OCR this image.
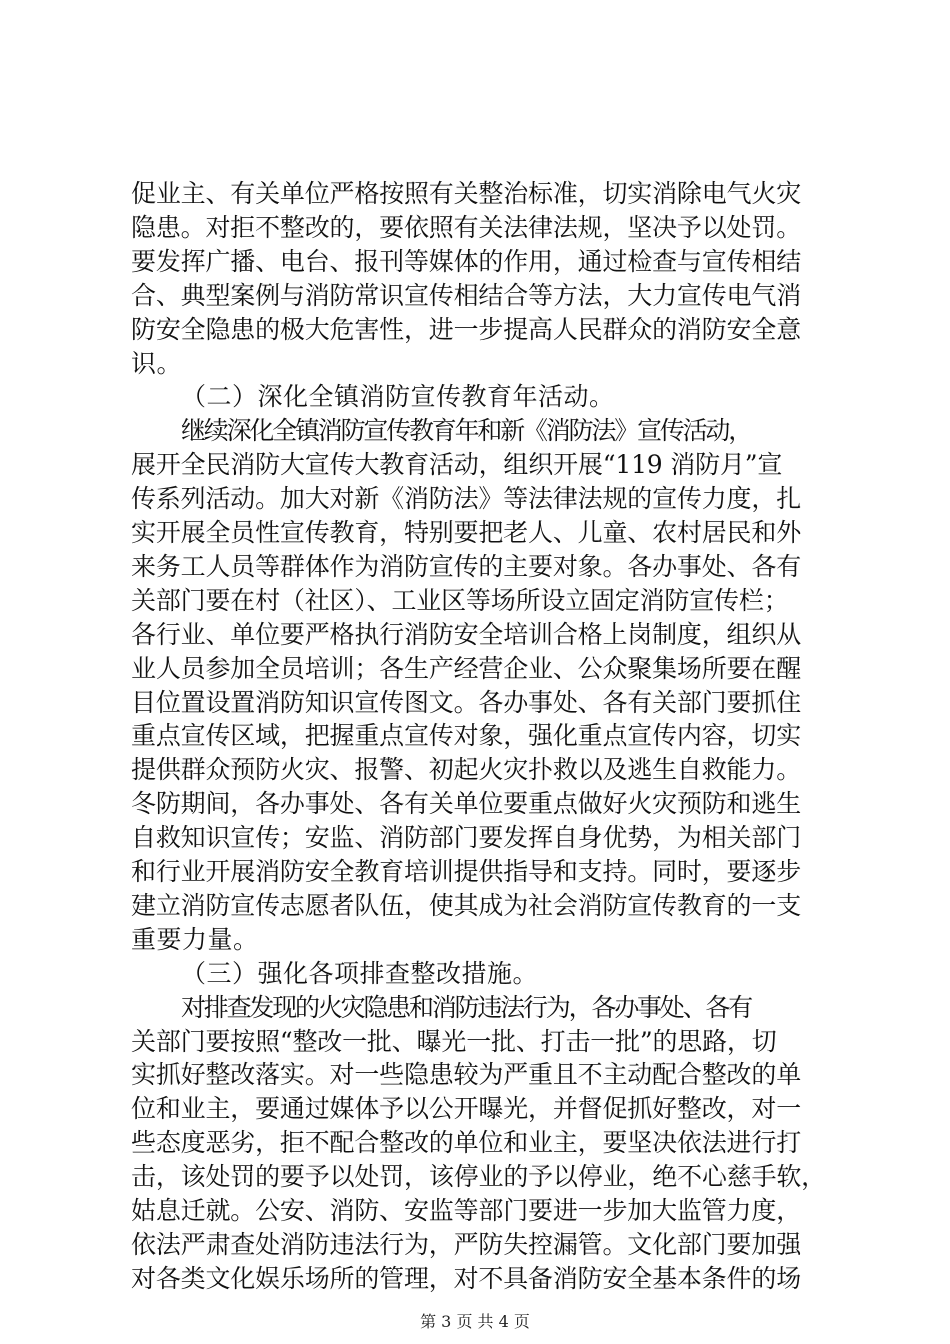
促业主、有关单位严格按照有关整治标准，切实消除电气火灾
隐患。对拒不整改的，要依照有关法律法规，坚决予以处罚。
要发挥广播、电台、报刊等媒体的作用，通过检查与宣传相结
合、典型案例与消防常识宣传相结合等方法，大力宣传电气消
防安全隐患的极大危害性，进一步提高人民群众的消防安全意
识。
（二）深化全镇消防宣传教育年活动。
继续深化全镇消防宣传教育年和新《消防法》宣传活动，
展开全民消防大宣传大教育活动，组织开展“119 消防月”宣
传系列活动。加大对新《消防法》等法律法规的宣传力度，扎
实开展全员性宣传教育，特别要把老人、儿童、农村居民和外
来务工人员等群体作为消防宣传的主要对象。各办事处、各有
关部门要在村（社区）、工业区等场所设立固定消防宣传栏；
各行业、单位要严格执行消防安全培训合格上岗制度，组织从
业人员参加全员培训；各生产经营企业、公众聚集场所要在醒
目位置设置消防知识宣传图文。各办事处、各有关部门要抓住
重点宣传区域，把握重点宣传对象，强化重点宣传内容，切实
提供群众预防火灾、报警、初起火灾扑救以及逃生自救能力。
冬防期间，各办事处、各有关单位要重点做好火灾预防和逃生
自救知识宣传；安监、消防部门要发挥自身优势，为相关部门
和行业开展消防安全教育培训提供指导和支持。同时，要逐步
建立消防宣传志愿者队伍，使其成为社会消防宣传教育的一支
重要力量。
（三）强化各项排查整改措施。
对排查发现的火灾隐患和消防违法行为，各办事处、各有
关部门要按照“整改一批、曝光一批、打击一批”的思路，切
实抓好整改落实。对一些隐患较为严重且不主动配合整改的单
位和业主，要通过媒体予以公开曝光，并督促抓好整改，对一
些态度恶劣，拒不配合整改的单位和业主，要坚决依法进行打
击，该处罚的要予以处罚，该停业的予以停业，绝不心慈手软，
姑息迁就。公安、消防、安监等部门要进一步加大监管力度，
依法严肃查处消防违法行为，严防失控漏管。文化部门要加强
对各类文化娱乐场所的管理，对不具备消防安全基本条件的场
第 3 页 共 4 页
